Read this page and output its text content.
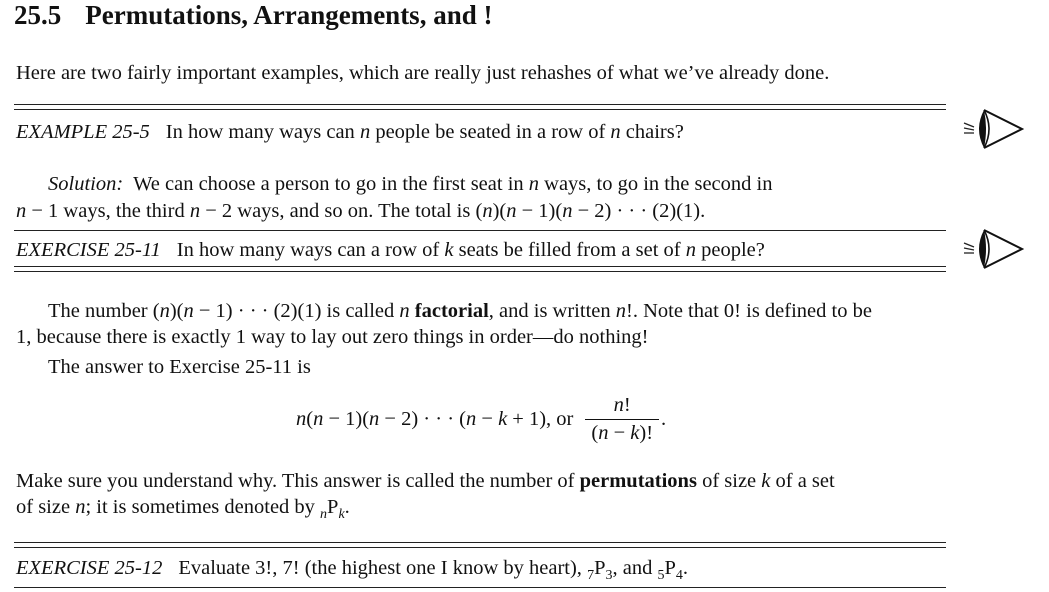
25.5 Permutations, Arrangements, and !
Here are two fairly important examples, which are really just rehashes of what we’ve already done.
EXAMPLE 25-5 In how many ways can n people be seated in a row of n chairs?
Solution: We can choose a person to go in the first seat in n ways, to go in the second in
n − 1 ways, the third n − 2 ways, and so on. The total is (n)(n − 1)(n − 2) · · · (2)(1).
EXERCISE 25-11 In how many ways can a row of k seats be filled from a set of n people?
The number (n)(n − 1) · · · (2)(1) is called n factorial, and is written n!. Note that 0! is defined to be
1, because there is exactly 1 way to lay out zero things in order—do nothing!
The answer to Exercise 25-11 is
n(n − 1)(n − 2) · · · (n − k + 1), or $\frac{n!}{(n - k)!}$ .
Make sure you understand why. This answer is called the number of permutations of size k of a set
of size n; it is sometimes denoted by $_nP_k$.
EXERCISE 25-12 Evaluate 3!, 7! (the highest one I know by heart), $_7P_3$, and $_5P_4$.
